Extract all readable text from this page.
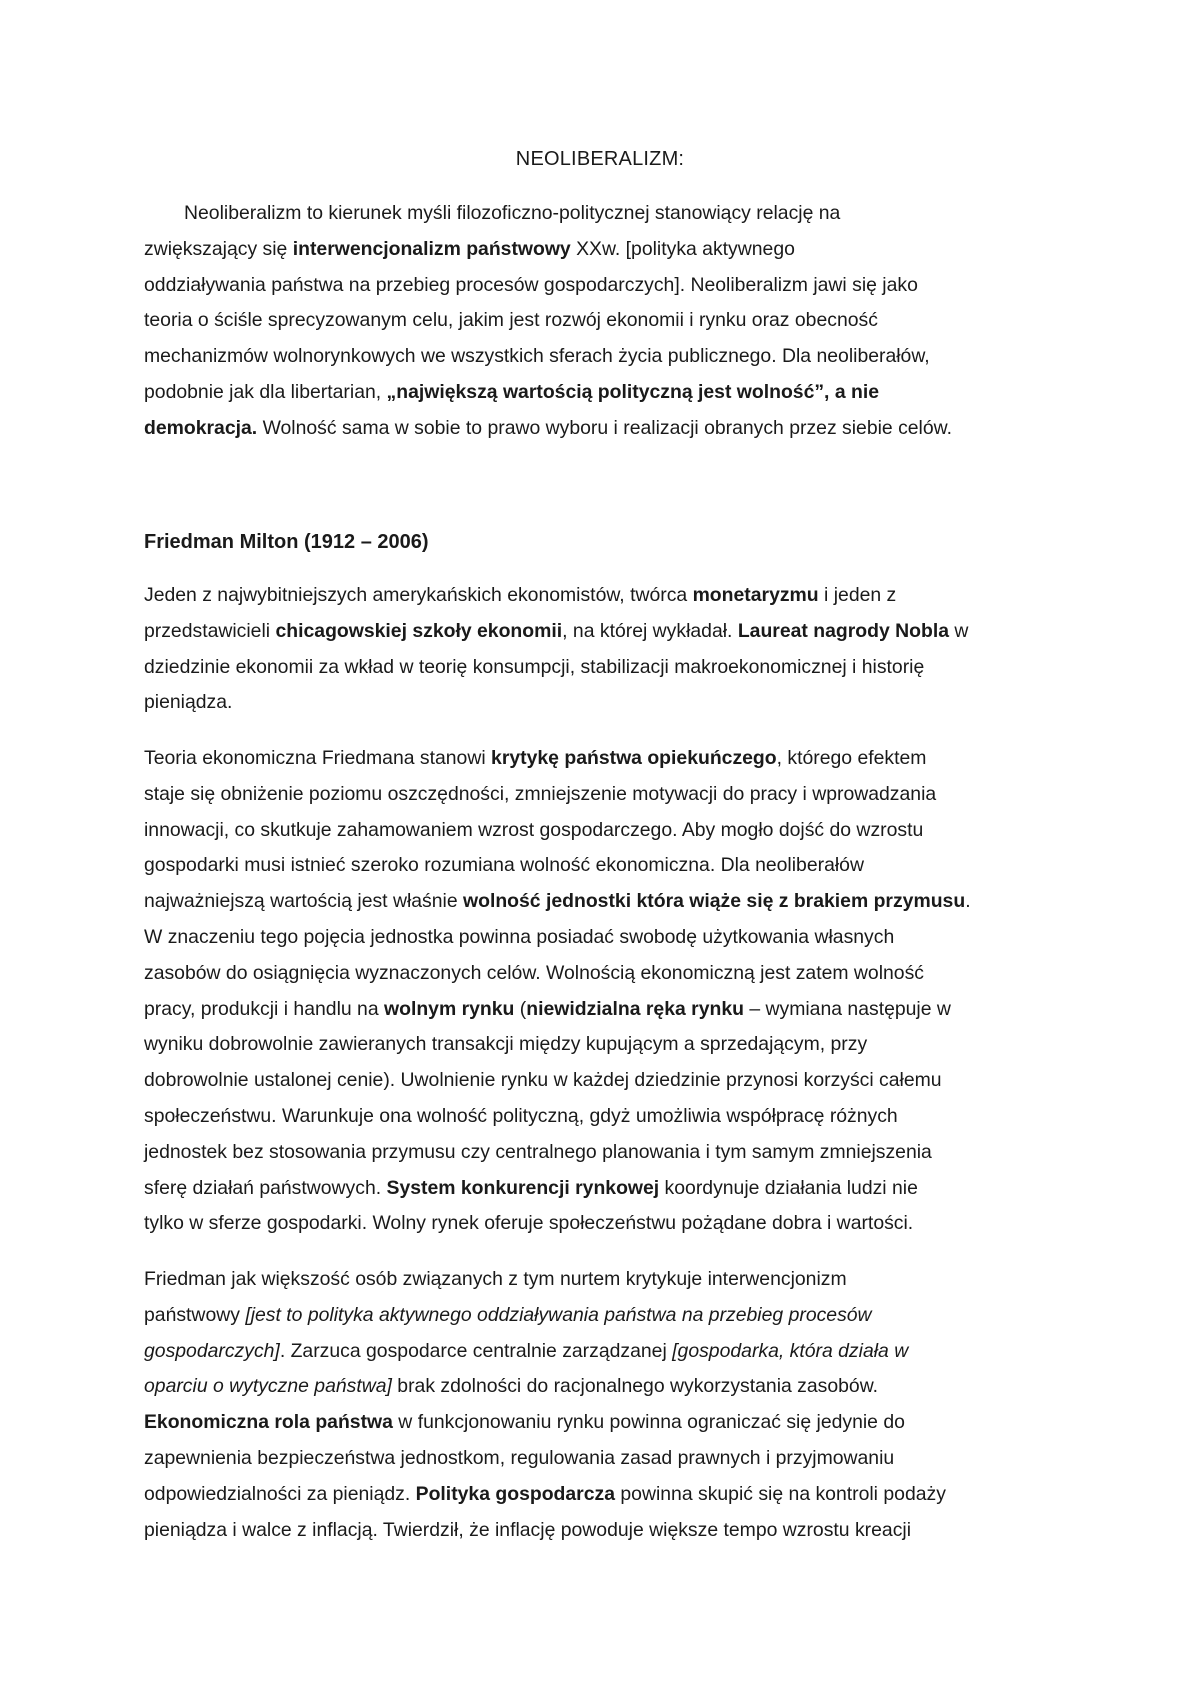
NEOLIBERALIZM:
Neoliberalizm to kierunek myśli filozoficzno-politycznej stanowiący relację na
zwiększający się interwencjonalizm państwowy XXw. [polityka aktywnego
oddziaływania państwa na przebieg procesów gospodarczych]. Neoliberalizm jawi się jako
teoria o ściśle sprecyzowanym celu, jakim jest rozwój ekonomii i rynku oraz obecność
mechanizmów wolnorynkowych we wszystkich sferach życia publicznego. Dla neoliberałów,
podobnie jak dla libertarian, „największą wartością polityczną jest wolność”, a nie
demokracja. Wolność sama w sobie to prawo wyboru i realizacji obranych przez siebie celów.
Friedman Milton (1912 – 2006)
Jeden z najwybitniejszych amerykańskich ekonomistów, twórca monetaryzmu i jeden z
przedstawicieli chicagowskiej szkoły ekonomii, na której wykładał. Laureat nagrody Nobla w
dziedzinie ekonomii za wkład w teorię konsumpcji, stabilizacji makroekonomicznej i historię
pieniądza.
Teoria ekonomiczna Friedmana stanowi krytykę państwa opiekuńczego, którego efektem
staje się obniżenie poziomu oszczędności, zmniejszenie motywacji do pracy i wprowadzania
innowacji, co skutkuje zahamowaniem wzrost gospodarczego. Aby mogło dojść do wzrostu
gospodarki musi istnieć szeroko rozumiana wolność ekonomiczna. Dla neoliberałów
najważniejszą wartością jest właśnie wolność jednostki która wiąże się z brakiem przymusu.
W znaczeniu tego pojęcia jednostka powinna posiadać swobodę użytkowania własnych
zasobów do osiągnięcia wyznaczonych celów. Wolnością ekonomiczną jest zatem wolność
pracy, produkcji i handlu na wolnym rynku (niewidzialna ręka rynku – wymiana następuje w
wyniku dobrowolnie zawieranych transakcji między kupującym a sprzedającym, przy
dobrowolnie ustalonej cenie). Uwolnienie rynku w każdej dziedzinie przynosi korzyści całemu
społeczeństwu. Warunkuje ona wolność polityczną, gdyż umożliwia współpracę różnych
jednostek bez stosowania przymusu czy centralnego planowania i tym samym zmniejszenia
sferę działań państwowych. System konkurencji rynkowej koordynuje działania ludzi nie
tylko w sferze gospodarki. Wolny rynek oferuje społeczeństwu pożądane dobra i wartości.
Friedman jak większość osób związanych z tym nurtem krytykuje interwencjonizm
państwowy [jest to polityka aktywnego oddziaływania państwa na przebieg procesów
gospodarczych]. Zarzuca gospodarce centralnie zarządzanej [gospodarka, która działa w
oparciu o wytyczne państwa] brak zdolności do racjonalnego wykorzystania zasobów.
Ekonomiczna rola państwa w funkcjonowaniu rynku powinna ograniczać się jedynie do
zapewnienia bezpieczeństwa jednostkom, regulowania zasad prawnych i przyjmowaniu
odpowiedzialności za pieniądz. Polityka gospodarcza powinna skupić się na kontroli podaży
pieniądza i walce z inflacją. Twierdził, że inflację powoduje większe tempo wzrostu kreacji
